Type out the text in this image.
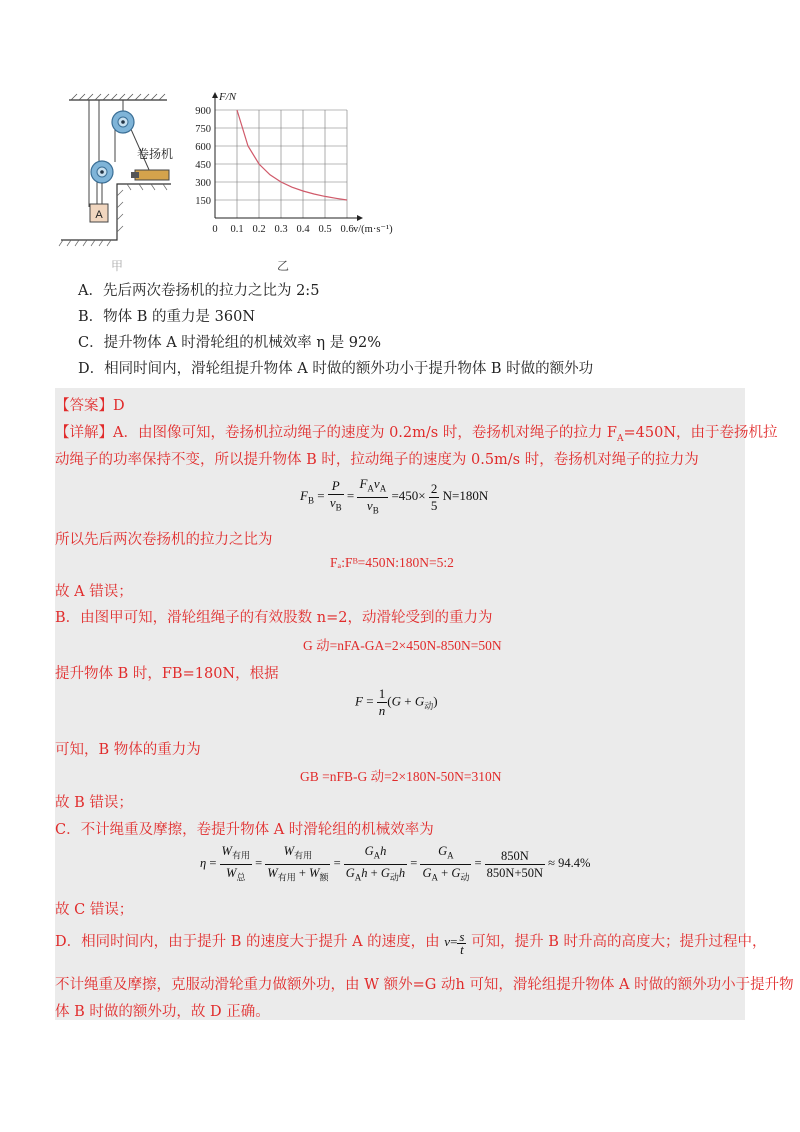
A
卷扬机
甲
0 0.1 0.2 0.3 0.4 0.5 0.6
900
750
600
450
300
150
F/N
v/(m·s⁻¹)
乙
A．先后两次卷扬机的拉力之比为 2:5
B．物体 B 的重力是 360N
C．提升物体 A 时滑轮组的机械效率 η 是 92%
D．相同时间内，滑轮组提升物体 A 时做的额外功小于提升物体 B 时做的额外功
【答案】D
【详解】A．由图像可知，卷扬机拉动绳子的速度为 0.2m/s 时，卷扬机对绳子的拉力 $F_A=450N$，由于卷扬机拉
动绳子的功率保持不变，所以提升物体 B 时，拉动绳子的速度为 0.5m/s 时，卷扬机对绳子的拉力为
$F_B = \frac{P}{v_B} = \frac{F_Av_A}{v_B} =450\times \frac{2}{5} N=180N$
所以先后两次卷扬机的拉力之比为
Fₐ:Fᴮ=450N:180N=5:2
故 A 错误；
B．由图甲可知，滑轮组绳子的有效股数 n=2，动滑轮受到的重力为
G 动=nFA-GA=2×450N-850N=50N
提升物体 B 时，FB=180N，根据
$F = \frac{1}{n} (G + G_动)$
可知，B 物体的重力为
GB =nFB-G 动=2×180N-50N=310N
故 B 错误；
C．不计绳重及摩擦，卷提升物体 A 时滑轮组的机械效率为
$\eta = \frac{W_{有用}}{W_总} = \frac{W_{有用}}{W_{有用} + W_额} = \frac{G_Ah}{G_Ah + G_动h} = \frac{G_A}{G_A + G_动} = \frac{850N}{850N+50N} \approx 94.4\%$
故 C 错误；
D．相同时间内，由于提升 B 的速度大于提升 A 的速度，由 $v= \frac{s}{t}$ 可知，提升 B 时升高的高度大；提升过程中，
不计绳重及摩擦，克服动滑轮重力做额外功，由 W 额外=G 动h 可知，滑轮组提升物体 A 时做的额外功小于提升物
体 B 时做的额外功，故 D 正确。
